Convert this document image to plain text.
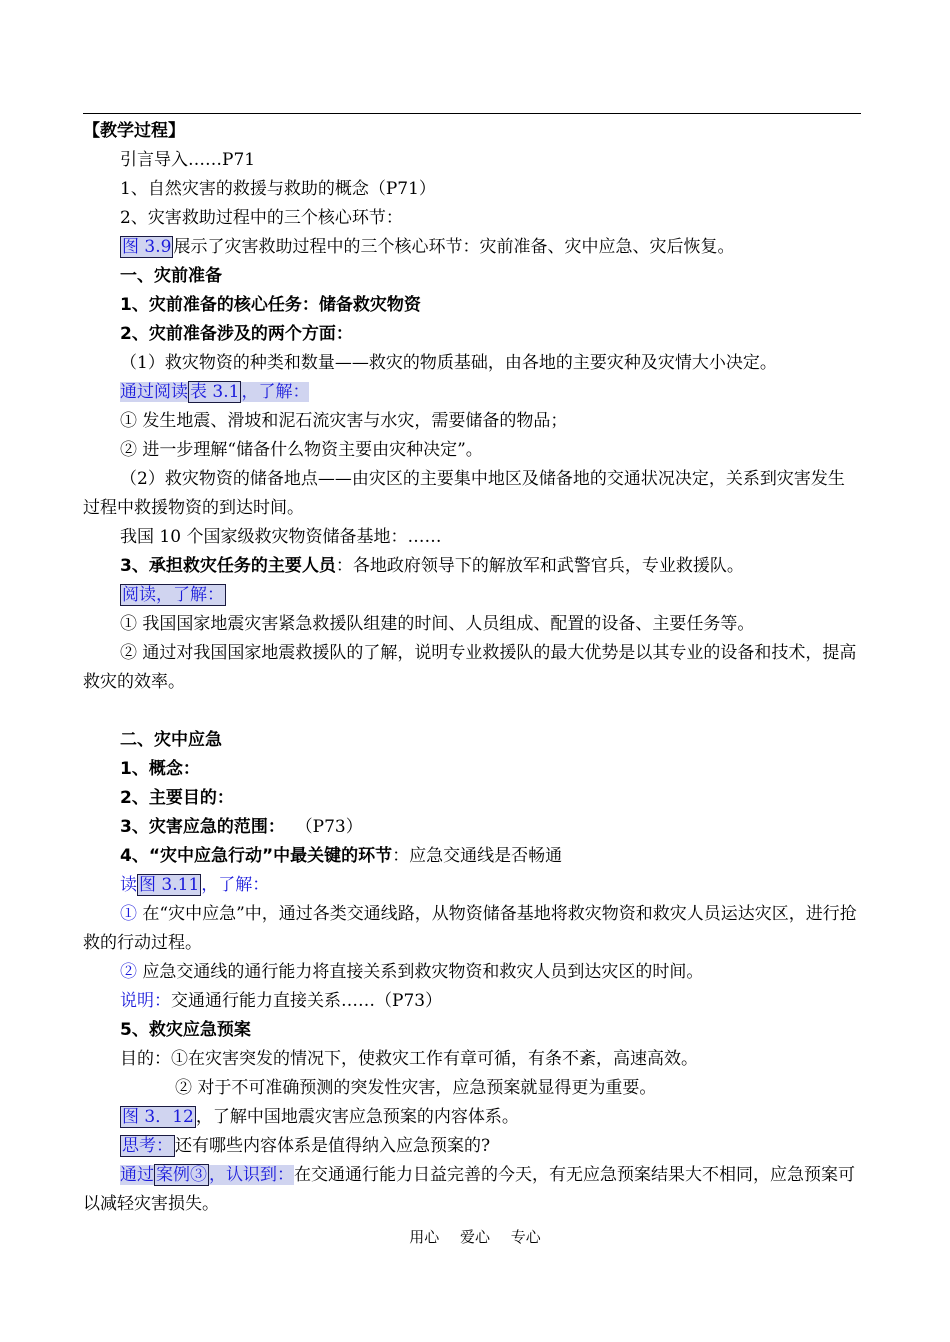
【教学过程】
引言导入……P71
1、自然灾害的救援与救助的概念（P71）
2、灾害救助过程中的三个核心环节：
图 3.9 展示了灾害救助过程中的三个核心环节：灾前准备、灾中应急、灾后恢复。
一、灾前准备
1、灾前准备的核心任务：储备救灾物资
2、灾前准备涉及的两个方面：
（1）救灾物资的种类和数量——救灾的物质基础，由各地的主要灾种及灾情大小决定。
通过阅读 表 3.1 ，了解：
① 发生地震、滑坡和泥石流灾害与水灾，需要储备的物品；
② 进一步理解“储备什么物资主要由灾种决定”。
（2）救灾物资的储备地点——由灾区的主要集中地区及储备地的交通状况决定，关系到灾害发生过程中救援物资的到达时间。
我国 10 个国家级救灾物资储备基地：……
3、承担救灾任务的主要人员：各地政府领导下的解放军和武警官兵，专业救援队。
阅读，了解：
① 我国国家地震灾害紧急救援队组建的时间、人员组成、配置的设备、主要任务等。
② 通过对我国国家地震救援队的了解，说明专业救援队的最大优势是以其专业的设备和技术，提高救灾的效率。
二、灾中应急
1、概念：
2、主要目的：
3、灾害应急的范围：  （P73）
4、“灾中应急行动”中最关键的环节：应急交通线是否畅通
读 图 3.11 ，了解：
① 在“灾中应急”中，通过各类交通线路，从物资储备基地将救灾物资和救灾人员运达灾区，进行抢救的行动过程。
② 应急交通线的通行能力将直接关系到救灾物资和救灾人员到达灾区的时间。
说明：交通通行能力直接关系……（P73）
5、救灾应急预案
目的：①在灾害突发的情况下，使救灾工作有章可循，有条不紊，高速高效。
② 对于不可准确预测的突发性灾害，应急预案就显得更为重要。
图 3．12 ，了解中国地震灾害应急预案的内容体系。
思考： 还有哪些内容体系是值得纳入应急预案的?
通过 案例③ ，认识到：在交通通行能力日益完善的今天，有无应急预案结果大不相同，应急预案可以减轻灾害损失。
用心 爱心 专心
